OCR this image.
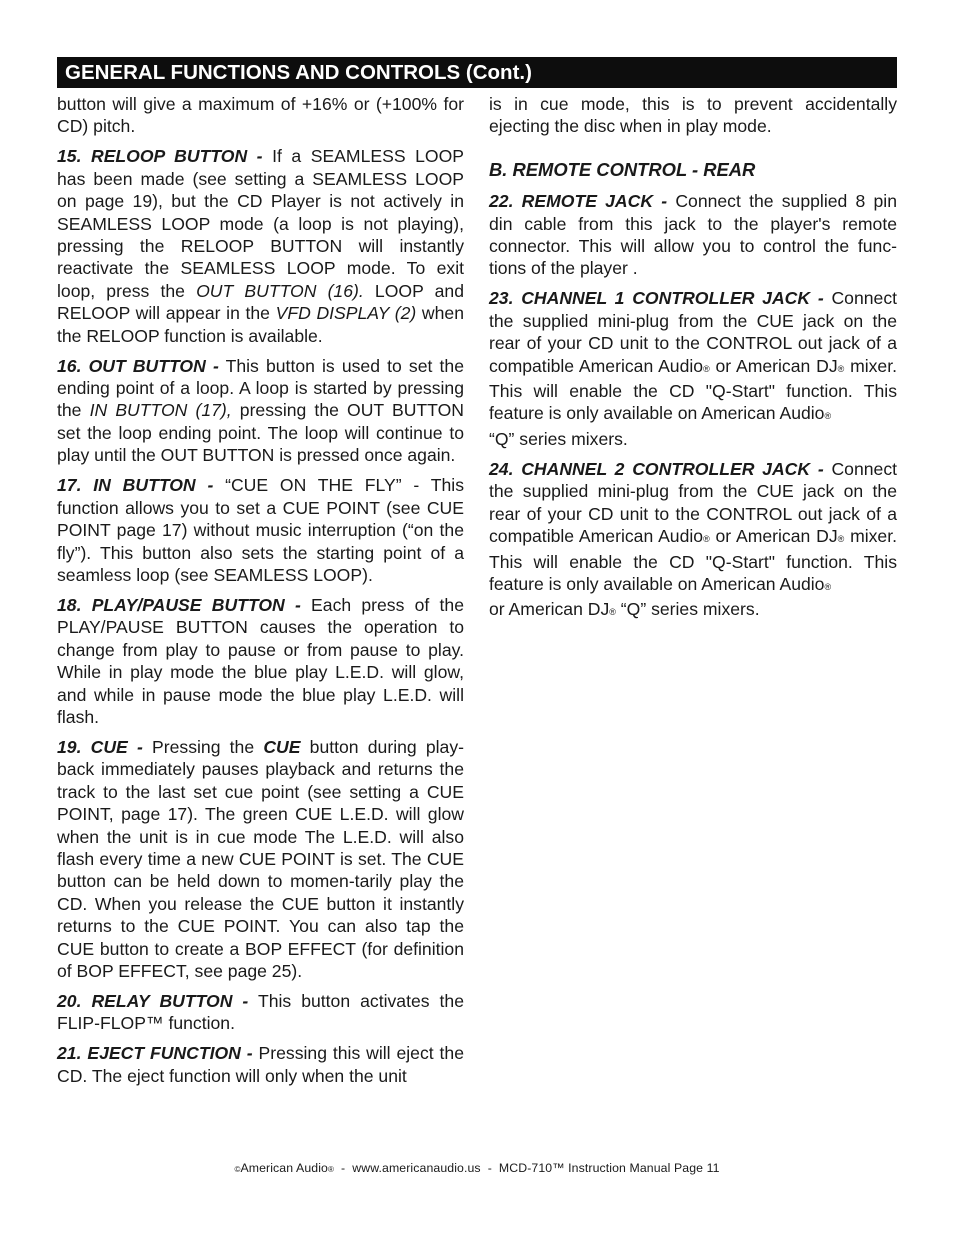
GENERAL FUNCTIONS AND CONTROLS (Cont.)

button will give a maximum of +16% or (+100% for CD) pitch.

15. RELOOP BUTTON - If a SEAMLESS LOOP has been made (see setting a SEAMLESS LOOP on page 19), but the CD Player is not actively in SEAMLESS LOOP mode (a loop is not playing), pressing the RELOOP BUTTON will instantly reactivate the SEAMLESS LOOP mode. To exit loop, press the OUT BUTTON (16). LOOP and RELOOP will appear in the VFD DISPLAY (2) when the RELOOP function is available.

16. OUT BUTTON - This button is used to set the ending point of a loop. A loop is started by pressing the IN BUTTON (17), pressing the OUT BUTTON set the loop ending point. The loop will continue to play until the OUT BUTTON is pressed once again.

17. IN BUTTON - “CUE ON THE FLY” - This function allows you to set a CUE POINT (see CUE POINT page 17) without music interruption (“on the fly”). This button also sets the starting point of a seamless loop (see SEAMLESS LOOP).

18. PLAY/PAUSE BUTTON - Each press of the PLAY/PAUSE BUTTON causes the operation to change from play to pause or from pause to play. While in play mode the blue play L.E.D. will glow, and while in pause mode the blue play L.E.D. will flash.

19. CUE - Pressing the CUE button during play-back immediately pauses playback and returns the track to the last set cue point (see setting a CUE POINT, page 17). The green CUE L.E.D. will glow when the unit is in cue mode The L.E.D. will also flash every time a new CUE POINT is set. The CUE button can be held down to momen-tarily play the CD. When you release the CUE button it instantly returns to the CUE POINT. You can also tap the CUE button to create a BOP EFFECT (for definition of BOP EFFECT, see page 25).

20. RELAY BUTTON - This button activates the FLIP-FLOP™ function.

21. EJECT FUNCTION - Pressing this will eject the CD. The eject function will only when the unit

is in cue mode, this is to prevent accidentally ejecting the disc when in play mode.

B. REMOTE CONTROL - REAR

22. REMOTE JACK - Connect the supplied 8 pin din cable from this jack to the player's remote connector. This will allow you to control the func-tions of the player .

23. CHANNEL 1 CONTROLLER JACK - Connect the supplied mini-plug from the CUE jack on the rear of your CD unit to the CONTROL out jack of a compatible American Audio® or American DJ® mixer. This will enable the CD "Q-Start" function. This feature is only available on American Audio®
“Q” series mixers.

24. CHANNEL 2 CONTROLLER JACK - Connect the supplied mini-plug from the CUE jack on the rear of your CD unit to the CONTROL out jack of a compatible American Audio® or American DJ® mixer. This will enable the CD "Q-Start" function. This feature is only available on American Audio®
or American DJ® “Q” series mixers.

©American Audio®  -  www.americanaudio.us  -  MCD-710™ Instruction Manual Page 11
